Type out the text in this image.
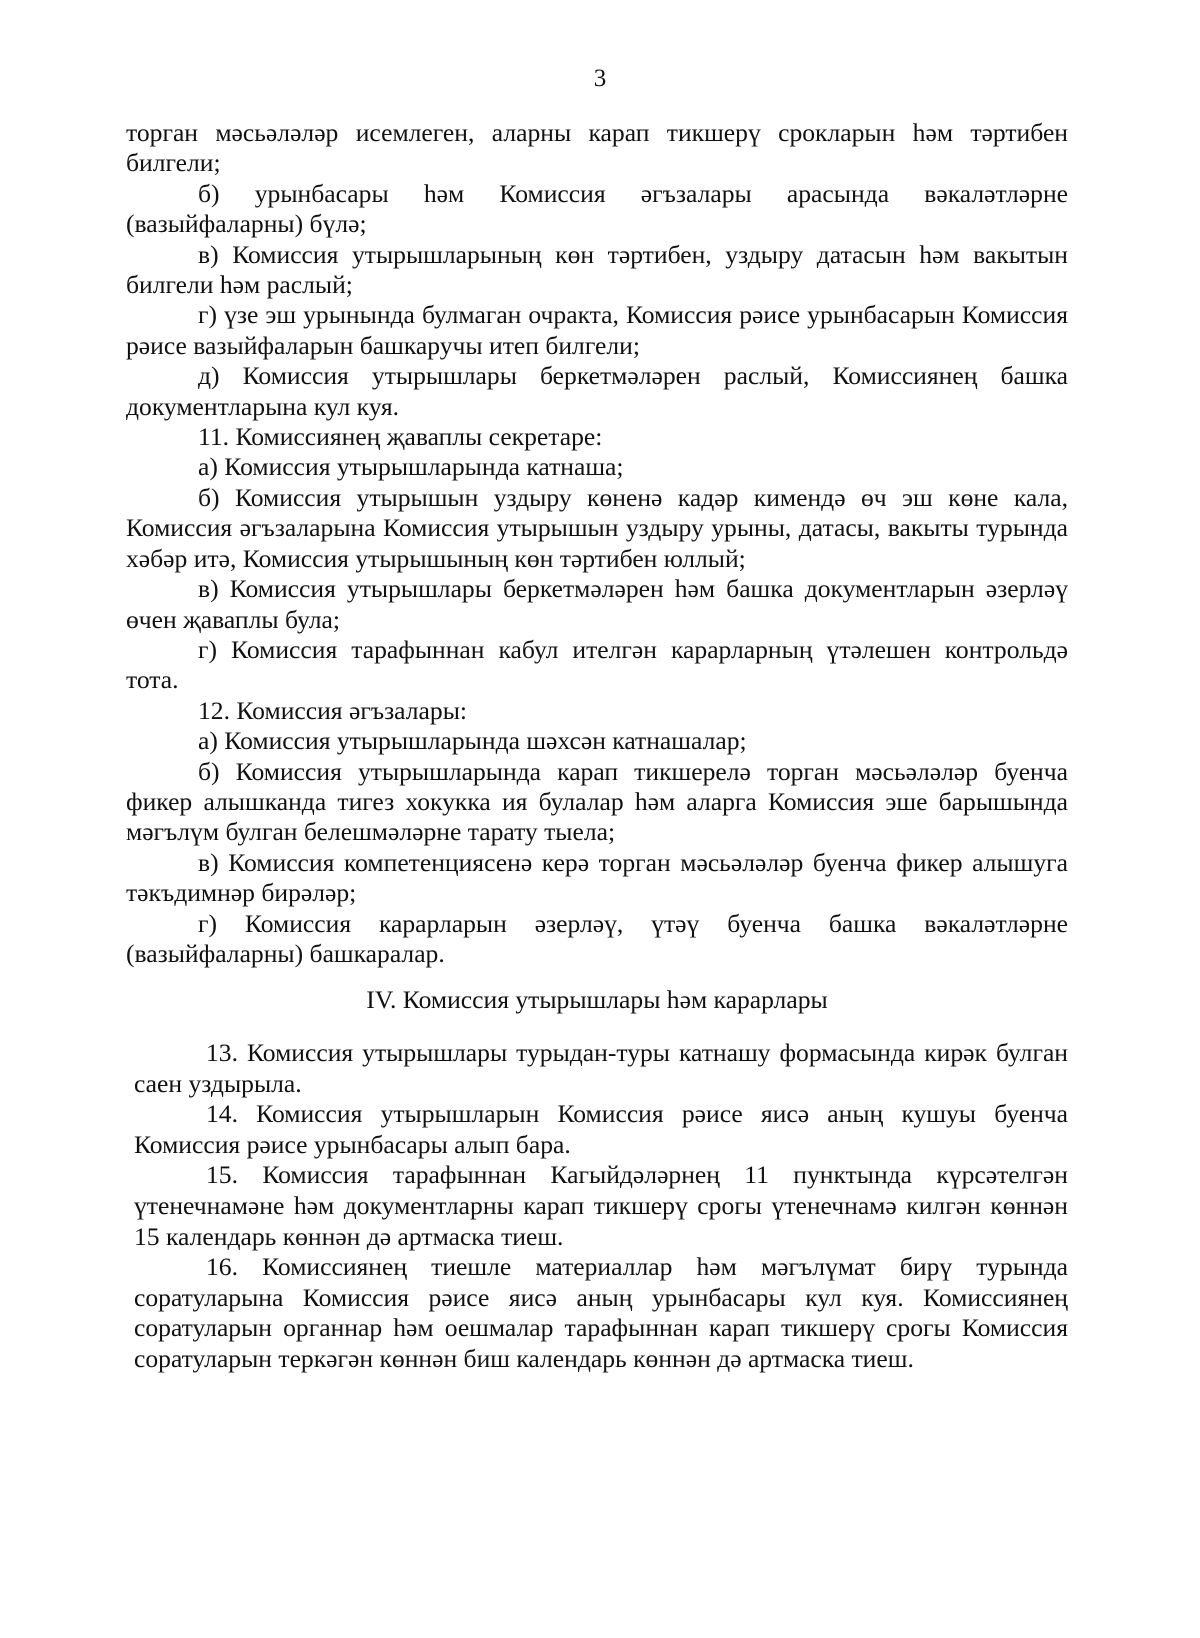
3

торган мәсьәләләр исемлеген, аларны карап тикшерү срокларын һәм тәртибен билгели;

б) урынбасары һәм Комиссия әгъзалары арасында вәкаләтләрне (вазыйфаларны) бүлә;

в) Комиссия утырышларының көн тәртибен, уздыру датасын һәм вакытын билгели һәм раслый;

г) үзе эш урынында булмаган очракта, Комиссия рәисе урынбасарын Комиссия рәисе вазыйфаларын башкаручы итеп билгели;

д) Комиссия утырышлары беркетмәләрен раслый, Комиссиянең башка документларына кул куя.

11. Комиссиянең җаваплы секретаре:

а) Комиссия утырышларында катнаша;

б) Комиссия утырышын уздыру көненә кадәр кимендә өч эш көне кала, Комиссия әгъзаларына Комиссия утырышын уздыру урыны, датасы, вакыты турында хәбәр итә, Комиссия утырышының көн тәртибен юллый;

в) Комиссия утырышлары беркетмәләрен һәм башка документларын әзерләү өчен җаваплы була;

г) Комиссия тарафыннан кабул ителгән карарларның үтәлешен контрольдә тота.

12. Комиссия әгъзалары:

а) Комиссия утырышларында шәхсән катнашалар;

б) Комиссия утырышларында карап тикшерелә торган мәсьәләләр буенча фикер алышканда тигез хокукка ия булалар һәм аларга Комиссия эше барышында мәгълүм булган белешмәләрне тарату тыела;

в) Комиссия компетенциясенә керә торган мәсьәләләр буенча фикер алышуга тәкъдимнәр бирәләр;

г) Комиссия карарларын әзерләү, үтәү буенча башка вәкаләтләрне (вазыйфаларны) башкаралар.

IV. Комиссия утырышлары һәм карарлары

13. Комиссия утырышлары турыдан-туры катнашу формасында кирәк булган саен уздырыла.

14. Комиссия утырышларын Комиссия рәисе яисә аның кушуы буенча Комиссия рәисе урынбасары алып бара.

15. Комиссия тарафыннан Кагыйдәләрнең 11 пунктында күрсәтелгән үтенечнамәне һәм документларны карап тикшерү срогы үтенечнамә килгән көннән 15 календарь көннән дә артмаска тиеш.

16. Комиссиянең тиешле материаллар һәм мәгълүмат бирү турында соратуларына Комиссия рәисе яисә аның урынбасары кул куя. Комиссиянең соратуларын органнар һәм оешмалар тарафыннан карап тикшерү срогы Комиссия соратуларын теркәгән көннән биш календарь көннән дә артмаска тиеш.
